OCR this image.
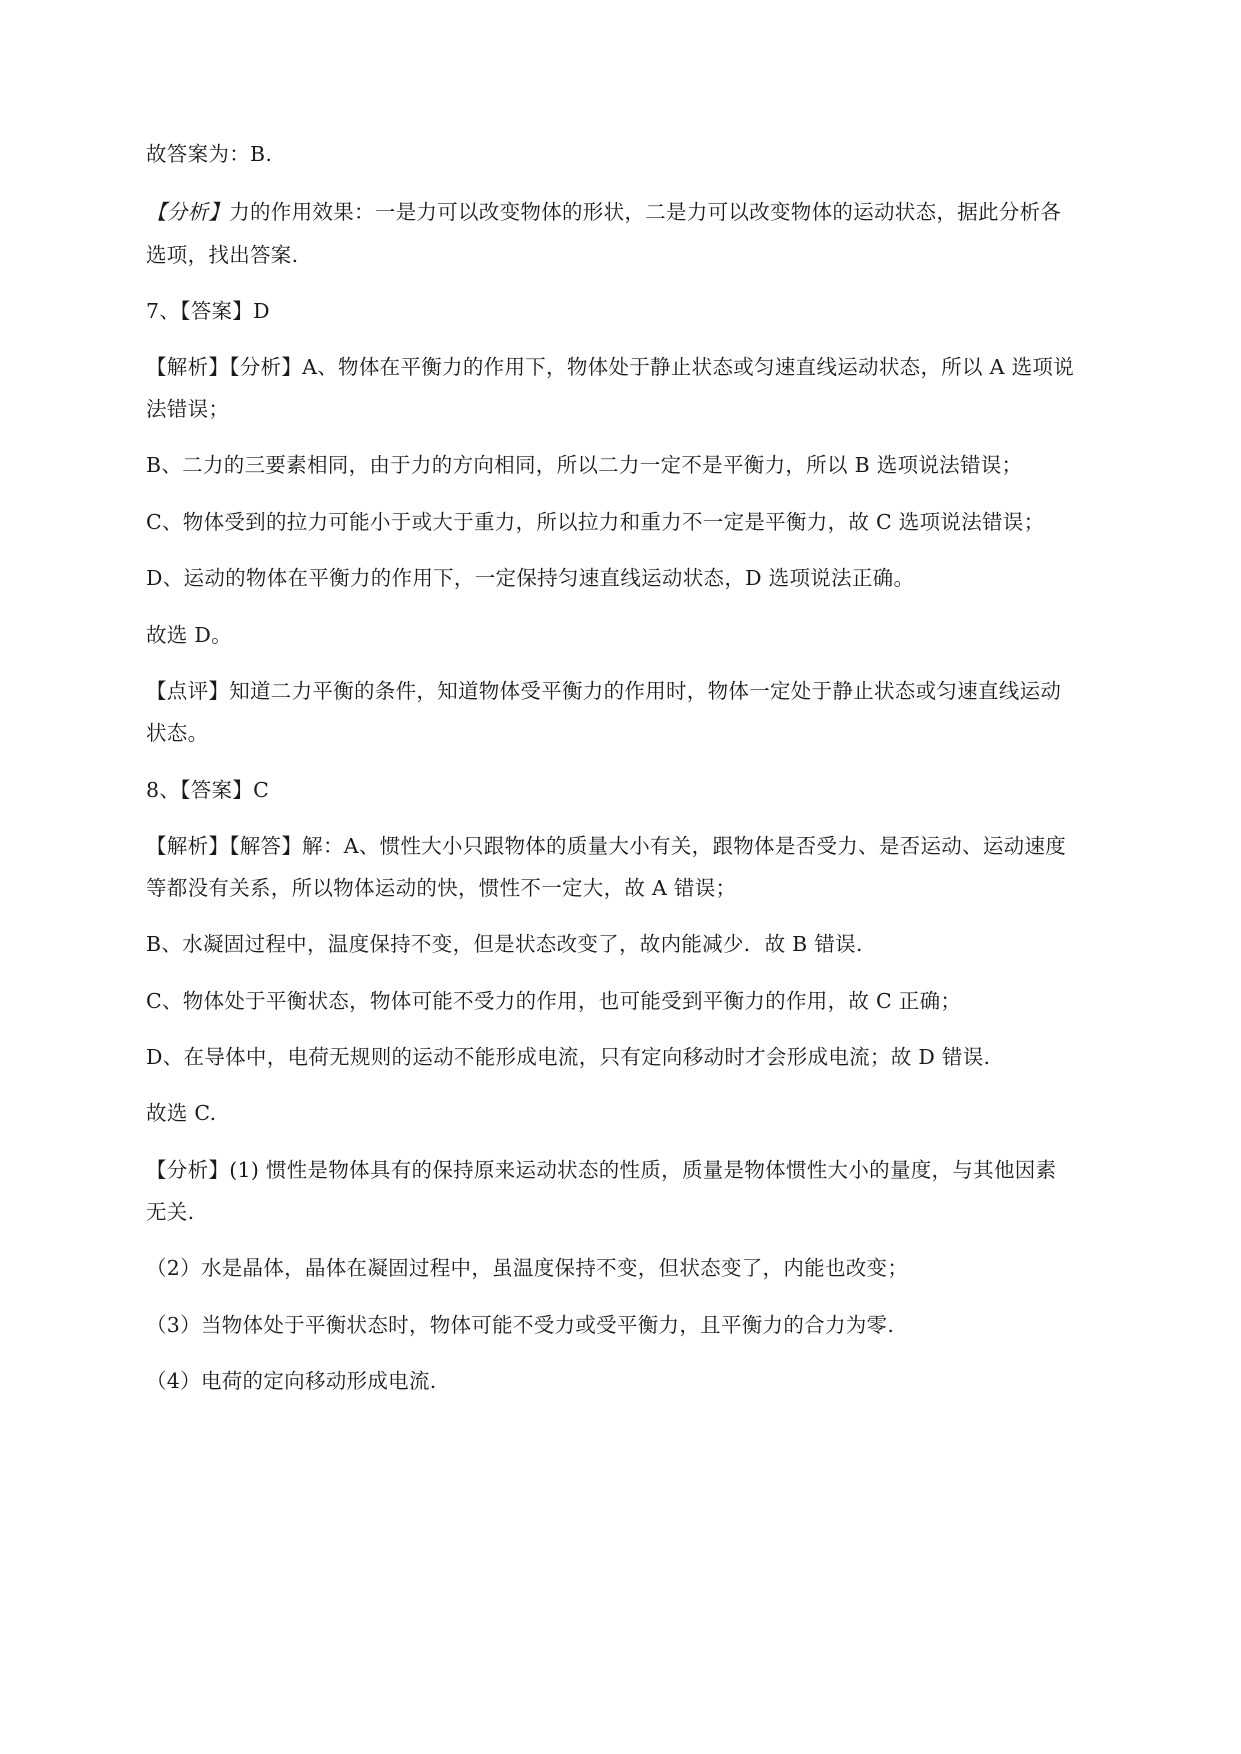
故答案为：B.
【分析】力的作用效果：一是力可以改变物体的形状，二是力可以改变物体的运动状态，据此分析各
选项，找出答案.
7、【答案】D
【解析】【分析】A、物体在平衡力的作用下，物体处于静止状态或匀速直线运动状态，所以 A 选项说
法错误；
B、二力的三要素相同，由于力的方向相同，所以二力一定不是平衡力，所以 B 选项说法错误；
C、物体受到的拉力可能小于或大于重力，所以拉力和重力不一定是平衡力，故 C 选项说法错误；
D、运动的物体在平衡力的作用下，一定保持匀速直线运动状态，D 选项说法正确。
故选 D。
【点评】知道二力平衡的条件，知道物体受平衡力的作用时，物体一定处于静止状态或匀速直线运动
状态。
8、【答案】C
【解析】【解答】解：A、惯性大小只跟物体的质量大小有关，跟物体是否受力、是否运动、运动速度
等都没有关系，所以物体运动的快，惯性不一定大，故 A 错误；
B、水凝固过程中，温度保持不变，但是状态改变了，故内能减少．故 B 错误.
C、物体处于平衡状态，物体可能不受力的作用，也可能受到平衡力的作用，故 C 正确；
D、在导体中，电荷无规则的运动不能形成电流，只有定向移动时才会形成电流；故 D 错误.
故选 C.
【分析】(1) 惯性是物体具有的保持原来运动状态的性质，质量是物体惯性大小的量度，与其他因素
无关.
（2）水是晶体，晶体在凝固过程中，虽温度保持不变，但状态变了，内能也改变；
（3）当物体处于平衡状态时，物体可能不受力或受平衡力，且平衡力的合力为零.
（4）电荷的定向移动形成电流.
